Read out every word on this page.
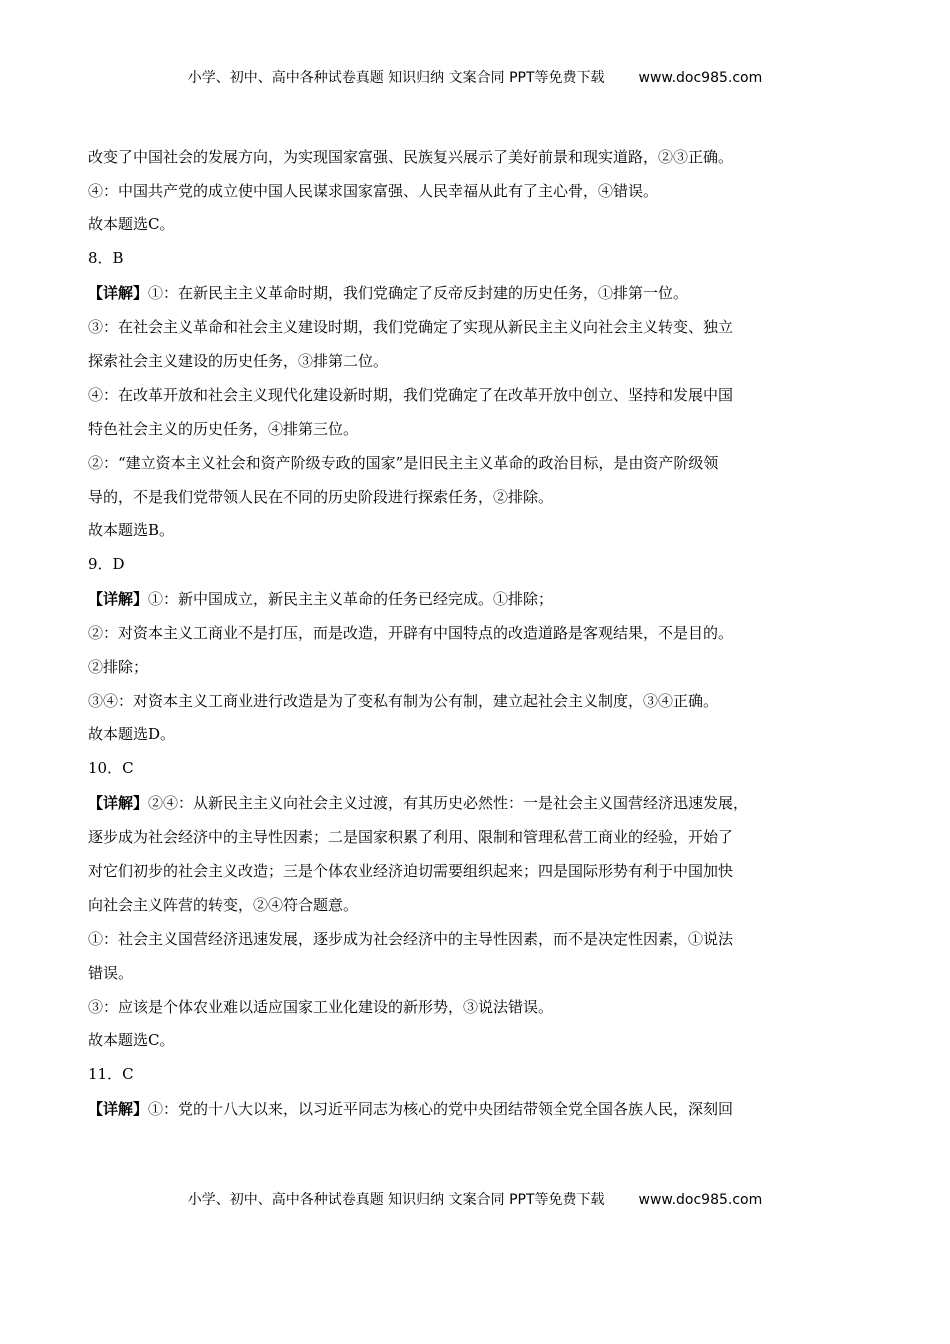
小学、初中、高中各种试卷真题 知识归纳 文案合同 PPT等免费下载 www.doc985.com
改变了中国社会的发展方向，为实现国家富强、民族复兴展示了美好前景和现实道路，②③正确。
④：中国共产党的成立使中国人民谋求国家富强、人民幸福从此有了主心骨，④错误。
故本题选C。
8．B
【详解】①：在新民主主义革命时期，我们党确定了反帝反封建的历史任务，①排第一位。
③：在社会主义革命和社会主义建设时期，我们党确定了实现从新民主主义向社会主义转变、独立
探索社会主义建设的历史任务，③排第二位。
④：在改革开放和社会主义现代化建设新时期，我们党确定了在改革开放中创立、坚持和发展中国
特色社会主义的历史任务，④排第三位。
②：“建立资本主义社会和资产阶级专政的国家”是旧民主主义革命的政治目标，是由资产阶级领
导的，不是我们党带领人民在不同的历史阶段进行探索任务，②排除。
故本题选B。
9．D
【详解】①：新中国成立，新民主主义革命的任务已经完成。①排除；
②：对资本主义工商业不是打压，而是改造，开辟有中国特点的改造道路是客观结果，不是目的。
②排除；
③④：对资本主义工商业进行改造是为了变私有制为公有制，建立起社会主义制度，③④正确。
故本题选D。
10．C
【详解】②④：从新民主主义向社会主义过渡，有其历史必然性：一是社会主义国营经济迅速发展，
逐步成为社会经济中的主导性因素；二是国家积累了利用、限制和管理私营工商业的经验，开始了
对它们初步的社会主义改造；三是个体农业经济迫切需要组织起来；四是国际形势有利于中国加快
向社会主义阵营的转变，②④符合题意。
①：社会主义国营经济迅速发展，逐步成为社会经济中的主导性因素，而不是决定性因素，①说法
错误。
③：应该是个体农业难以适应国家工业化建设的新形势，③说法错误。
故本题选C。
11．C
【详解】①：党的十八大以来，以习近平同志为核心的党中央团结带领全党全国各族人民，深刻回
小学、初中、高中各种试卷真题 知识归纳 文案合同 PPT等免费下载 www.doc985.com
